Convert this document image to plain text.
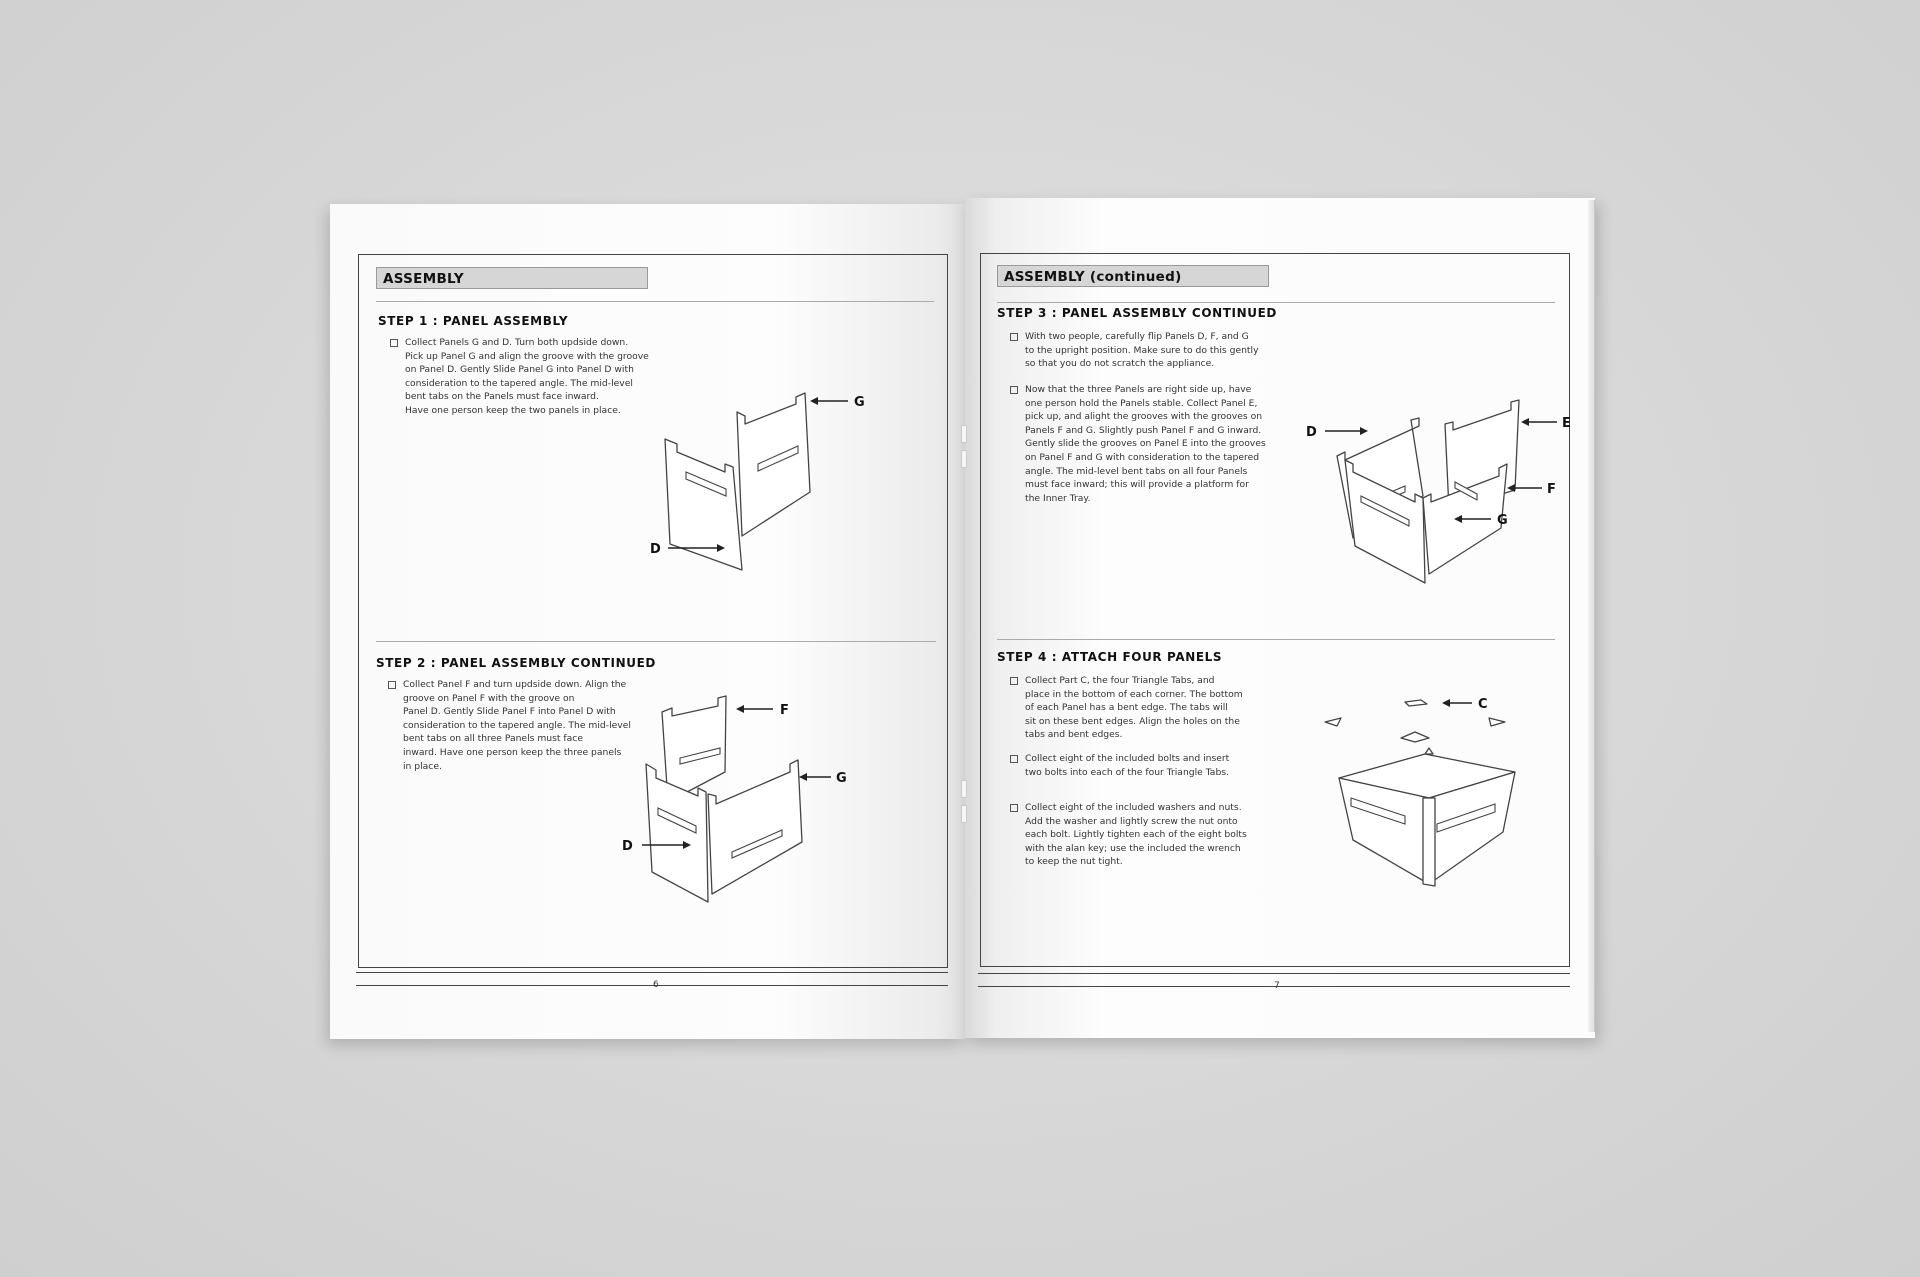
6
ASSEMBLY
STEP 1 : PANEL ASSEMBLY
Collect Panels G and D. Turn both updside down.
Pick up Panel G and align the groove with the groove
on Panel D. Gently Slide Panel G into Panel D with
consideration to the tapered angle. The mid-level
bent tabs on the Panels must face inward.
Have one person keep the two panels in place.
G
D
STEP 2 : PANEL ASSEMBLY CONTINUED
Collect Panel F and turn updside down. Align the
groove on Panel F with the groove on
Panel D. Gently Slide Panel F into Panel D with
consideration to the tapered angle. The mid-level
bent tabs on all three Panels must face
inward. Have one person keep the three panels
in place.
F
G
D
7
ASSEMBLY (continued)
STEP 3 : PANEL ASSEMBLY CONTINUED
With two people, carefully flip Panels D, F, and G
to the upright position. Make sure to do this gently
so that you do not scratch the appliance.
Now that the three Panels are right side up, have
one person hold the Panels stable. Collect Panel E,
pick up, and alight the grooves with the grooves on
Panels F and G. Slightly push Panel F and G inward.
Gently slide the grooves on Panel E into the grooves
on Panel F and G with consideration to the tapered
angle. The mid-level bent tabs on all four Panels
must face inward; this will provide a platform for
the Inner Tray.
D
E
F
G
STEP 4 : ATTACH FOUR PANELS
Collect Part C, the four Triangle Tabs, and
place in the bottom of each corner. The bottom
of each Panel has a bent edge. The tabs will
sit on these bent edges. Align the holes on the
tabs and bent edges.
Collect eight of the included bolts and insert
two bolts into each of the four Triangle Tabs.
Collect eight of the included washers and nuts.
Add the washer and lightly screw the nut onto
each bolt. Lightly tighten each of the eight bolts
with the alan key; use the included the wrench
to keep the nut tight.
C
